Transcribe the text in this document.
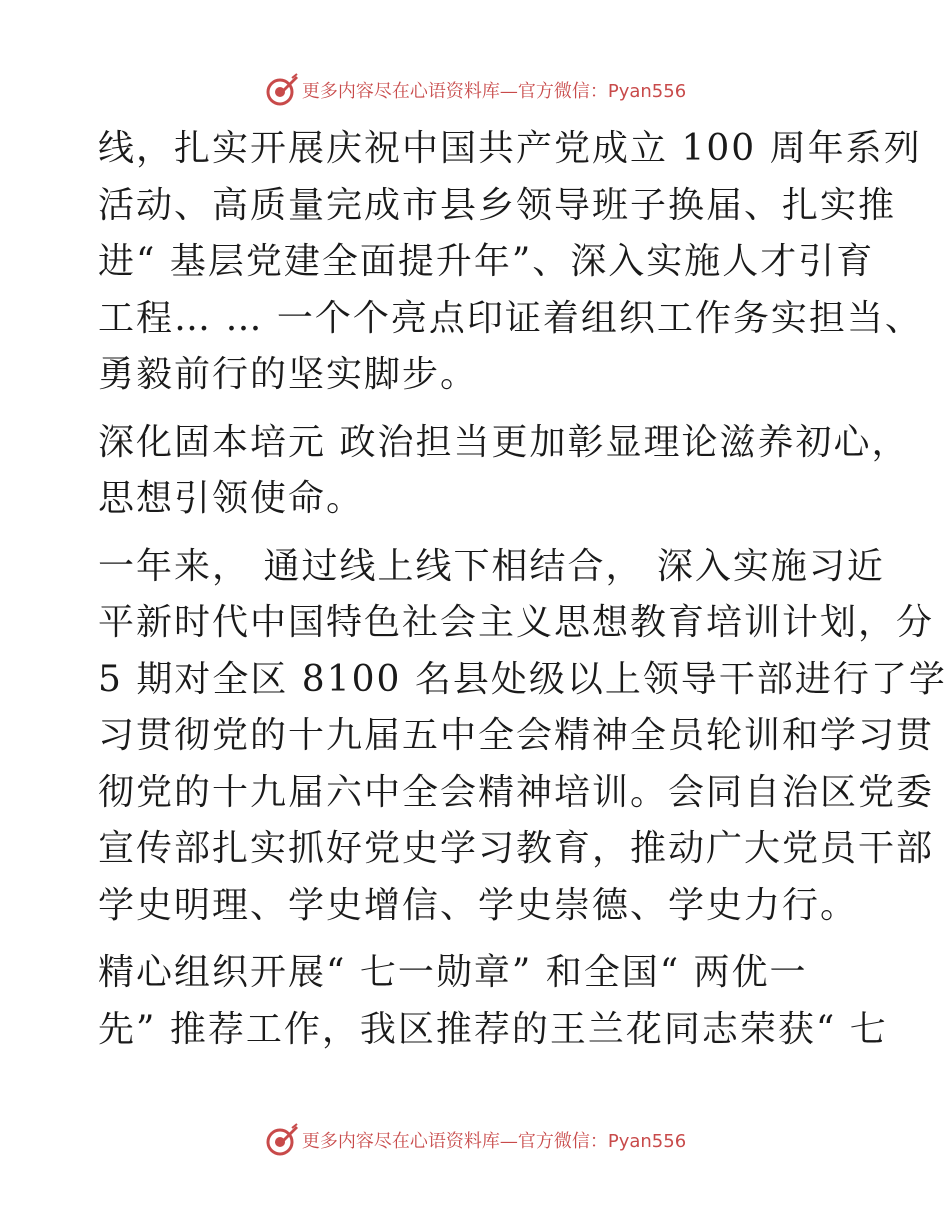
更多内容尽在心语资料库—官方微信：Pyan556

线，扎实开展庆祝中国共产党成立 100 周年系列
活动、高质量完成市县乡领导班子换届、扎实推
进“ 基层党建全面提升年”、深入实施人才引育
工程… … 一个个亮点印证着组织工作务实担当、
勇毅前行的坚实脚步。

深化固本培元 政治担当更加彰显理论滋养初心，
思想引领使命。

一年来， 通过线上线下相结合， 深入实施习近
平新时代中国特色社会主义思想教育培训计划，分
5 期对全区 8100 名县处级以上领导干部进行了学
习贯彻党的十九届五中全会精神全员轮训和学习贯
彻党的十九届六中全会精神培训。会同自治区党委
宣传部扎实抓好党史学习教育，推动广大党员干部
学史明理、学史增信、学史崇德、学史力行。

精心组织开展“ 七一勋章” 和全国“ 两优一
先” 推荐工作，我区推荐的王兰花同志荣获“ 七

更多内容尽在心语资料库—官方微信：Pyan556
